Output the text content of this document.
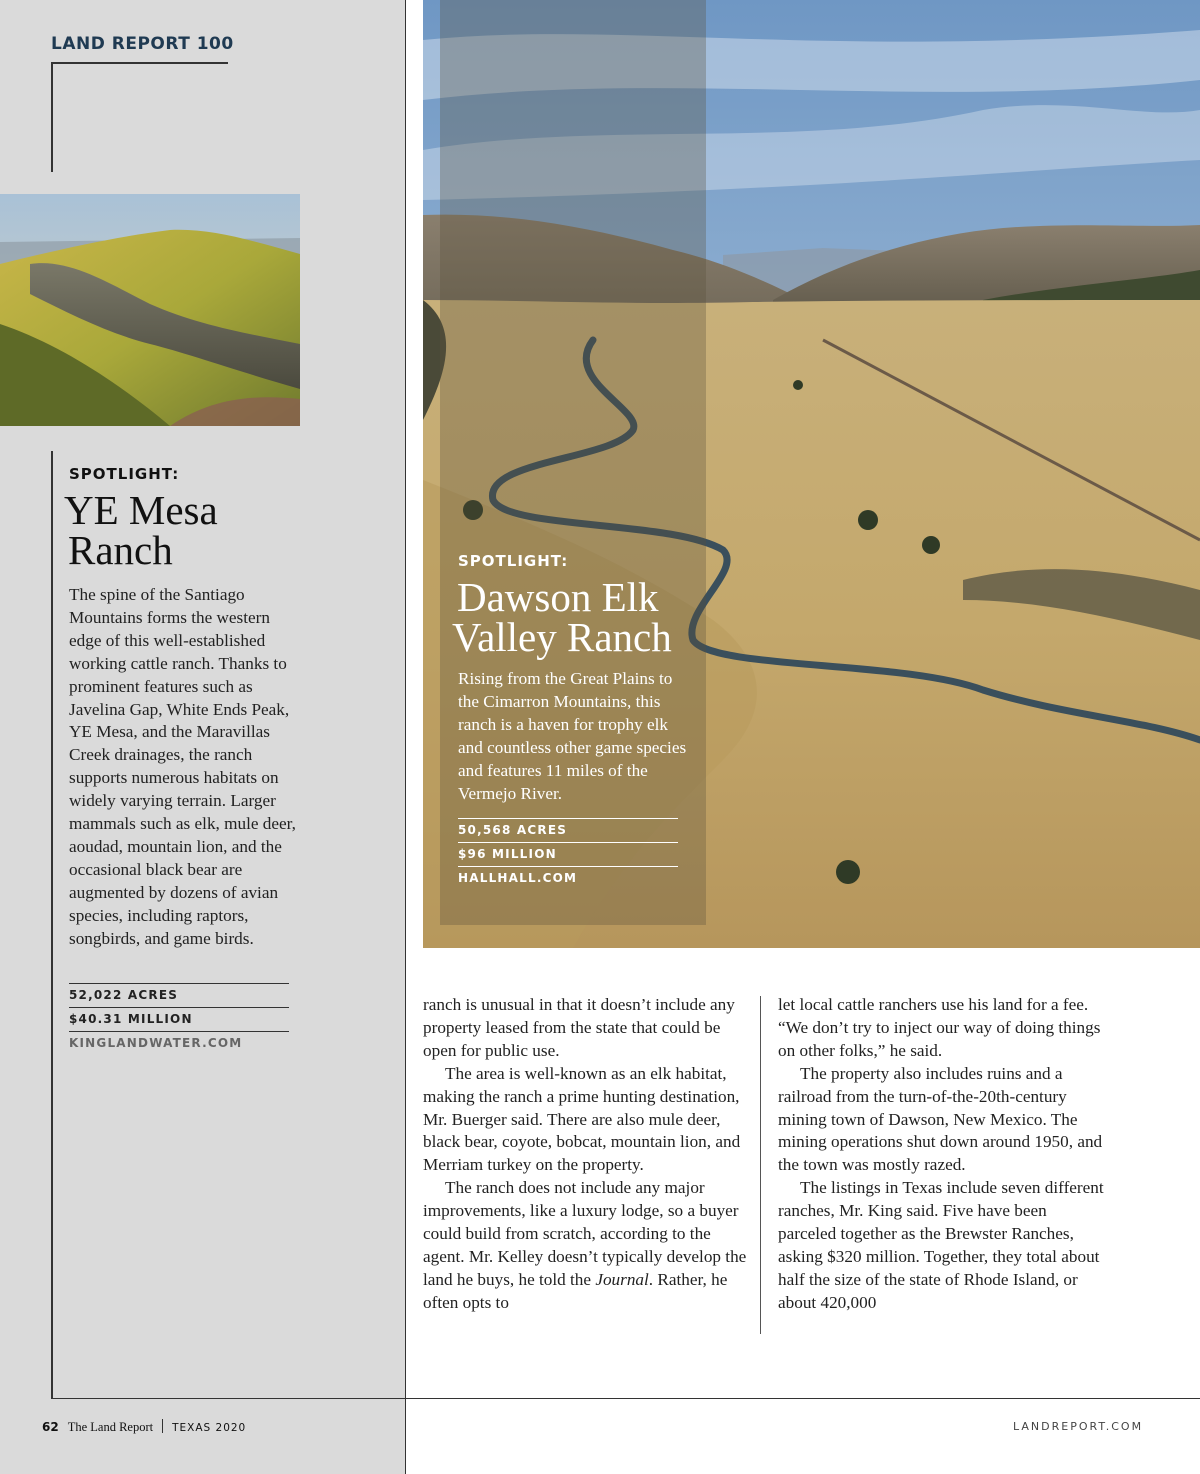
LAND REPORT 100
SPOTLIGHT:
YE Mesa
Ranch

The spine of the Santiago Mountains forms the western edge of this well-established working cattle ranch. Thanks to prominent features such as Javelina Gap, White Ends Peak, YE Mesa, and the Maravillas Creek drainages, the ranch supports numerous habitats on widely varying terrain. Larger mammals such as elk, mule deer, aoudad, mountain lion, and the occasional black bear are augmented by dozens of avian species, including raptors, songbirds, and game birds.

52,022 ACRES
$40.31 MILLION
KINGLANDWATER.COM
SPOTLIGHT:
Dawson Elk
Valley Ranch

Rising from the Great Plains to the Cimarron Mountains, this ranch is a haven for trophy elk and countless other game species and features 11 miles of the Vermejo River.

50,568 ACRES
$96 MILLION
HALLHALL.COM

ranch is unusual in that it doesn’t include any property leased from the state that could be open for public use.

The area is well-known as an elk habitat, making the ranch a prime hunting destination, Mr. Buerger said. There are also mule deer, black bear, coyote, bobcat, mountain lion, and Merriam turkey on the property.

The ranch does not include any major improvements, like a luxury lodge, so a buyer could build from scratch, according to the agent. Mr. Kelley doesn’t typically develop the land he buys, he told the Journal. Rather, he often opts to

let local cattle ranchers use his land for a fee. “We don’t try to inject our way of doing things on other folks,” he said.

The property also includes ruins and a railroad from the turn-of-the-20th-century mining town of Dawson, New Mexico. The mining operations shut down around 1950, and the town was mostly razed.

The listings in Texas include seven different ranches, Mr. King said. Five have been parceled together as the Brewster Ranches, asking $320 million. Together, they total about half the size of the state of Rhode Island, or about 420,000

62 The Land Report TEXAS 2020	LANDREPORT.COM
